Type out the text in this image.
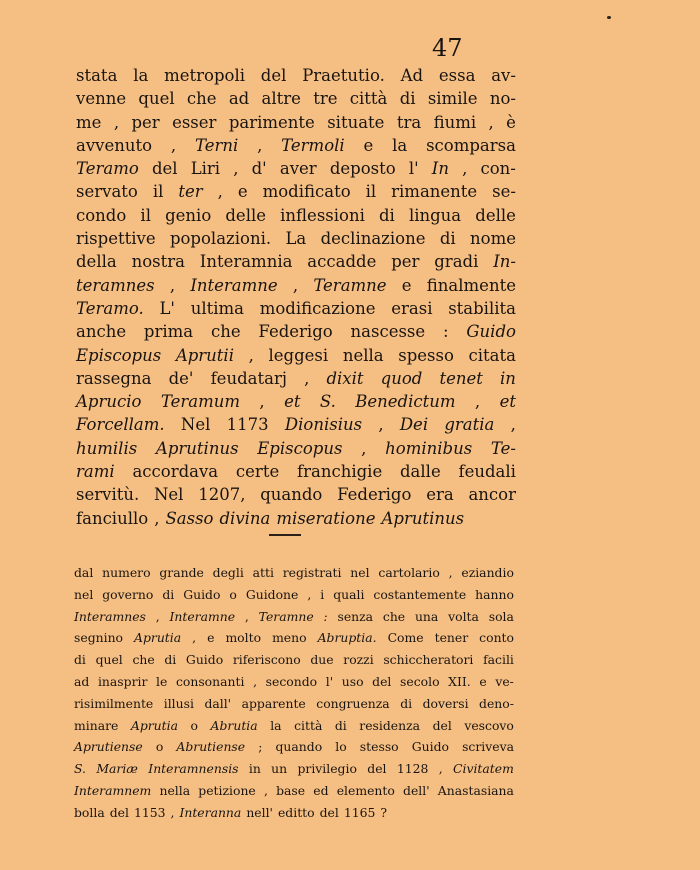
47
stata la metropoli del Praetutio. Ad essa av-
venne quel che ad altre tre città di simile no-
me , per esser parimente situate tra fiumi , è
avvenuto , Terni , Termoli e la scomparsa
Teramo del Liri , d' aver deposto l' In , con-
servato il ter , e modificato il rimanente se-
condo il genio delle inflessioni di lingua delle
rispettive popolazioni. La declinazione di nome
della nostra Interamnia accadde per gradi In-
teramnes , Interamne , Teramne e finalmente
Teramo. L' ultima modificazione erasi stabilita
anche prima che Federigo nascesse : Guido
Episcopus Aprutii , leggesi nella spesso citata
rassegna de' feudatarj , dixit quod tenet in
Aprucio Teramum , et S. Benedictum , et
Forcellam. Nel 1173 Dionisius , Dei gratia ,
humilis Aprutinus Episcopus , hominibus Te-
rami accordava certe franchigie dalle feudali
servitù. Nel 1207, quando Federigo era ancor
fanciullo , Sasso divina miseratione Aprutinus
dal numero grande degli atti registrati nel cartolario , eziandio
nel governo di Guido o Guidone , i quali costantemente hanno
Interamnes , Interamne , Teramne : senza che una volta sola
segnino Aprutia , e molto meno Abruptia. Come tener conto
di quel che di Guido riferiscono due rozzi schiccheratori facili
ad inasprir le consonanti , secondo l' uso del secolo XII. e ve-
risimilmente illusi dall' apparente congruenza di doversi deno-
minare Aprutia o Abrutia la città di residenza del vescovo
Aprutiense o Abrutiense ; quando lo stesso Guido scriveva
S. Mariæ Interamnensis in un privilegio del 1128 , Civitatem
Interamnem nella petizione , base ed elemento dell' Anastasiana
bolla del 1153 , Interanna nell' editto del 1165 ?
